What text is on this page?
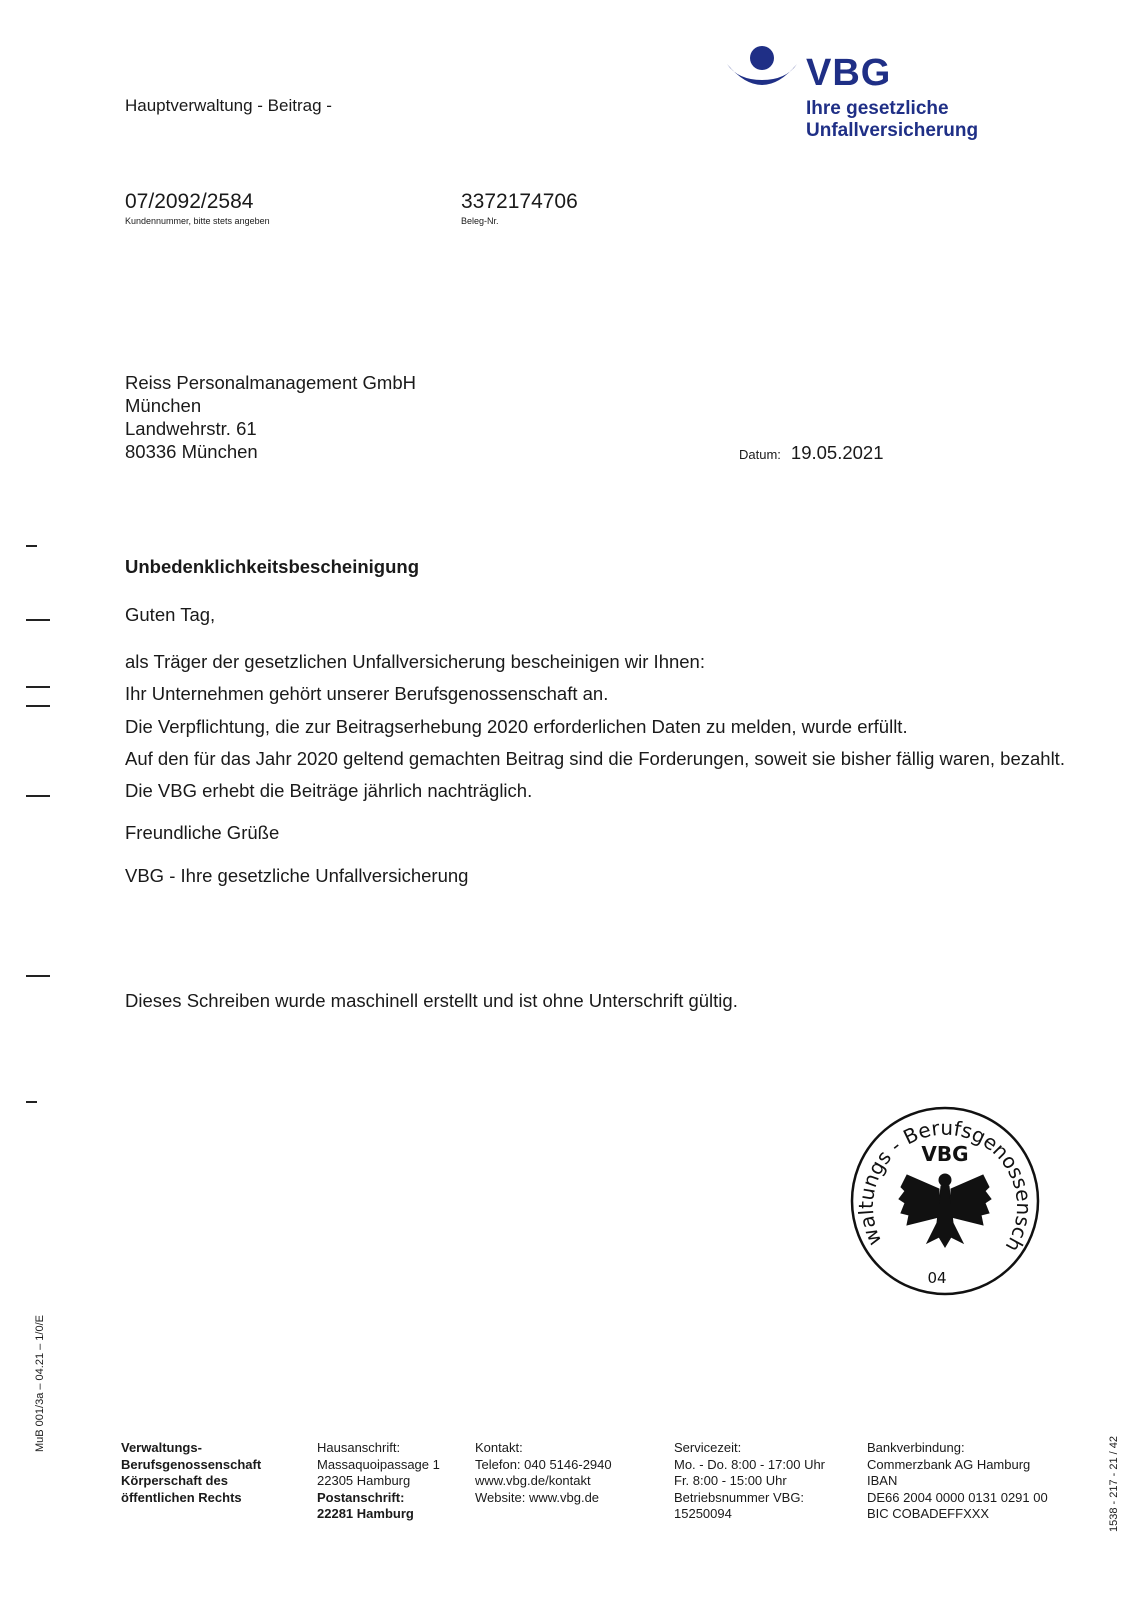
Hauptverwaltung - Beitrag -
VBG
Ihre gesetzliche
Unfallversicherung
07/2092/2584
Kundennummer, bitte stets angeben
3372174706
Beleg-Nr.
Reiss Personalmanagement GmbH
München
Landwehrstr. 61
80336 München	Datum: 19.05.2021
Unbedenklichkeitsbescheinigung
Guten Tag,
als Träger der gesetzlichen Unfallversicherung bescheinigen wir Ihnen:
Ihr Unternehmen gehört unserer Berufsgenossenschaft an.
Die Verpflichtung, die zur Beitragserhebung 2020 erforderlichen Daten zu melden, wurde erfüllt.
Auf den für das Jahr 2020 geltend gemachten Beitrag sind die Forderungen, soweit sie bisher fällig waren, bezahlt.
Die VBG erhebt die Beiträge jährlich nachträglich.
Freundliche Grüße
VBG - Ihre gesetzliche Unfallversicherung
Dieses Schreiben wurde maschinell erstellt und ist ohne Unterschrift gültig.
waltungs - Berufsgenossensch
VBG
04
MuB 001/3a – 04.21 – 1/0/E
1538 - 217 - 21 / 42
Verwaltungs-
Berufsgenossenschaft
Körperschaft des
öffentlichen Rechts
Hausanschrift:
Massaquoipassage 1
22305 Hamburg
Postanschrift:
22281 Hamburg
Kontakt:
Telefon: 040 5146-2940
www.vbg.de/kontakt
Website: www.vbg.de
Servicezeit:
Mo. - Do. 8:00 - 17:00 Uhr
Fr. 8:00 - 15:00 Uhr
Betriebsnummer VBG:
15250094
Bankverbindung:
Commerzbank AG Hamburg
IBAN
DE66 2004 0000 0131 0291 00
BIC COBADEFFXXX
